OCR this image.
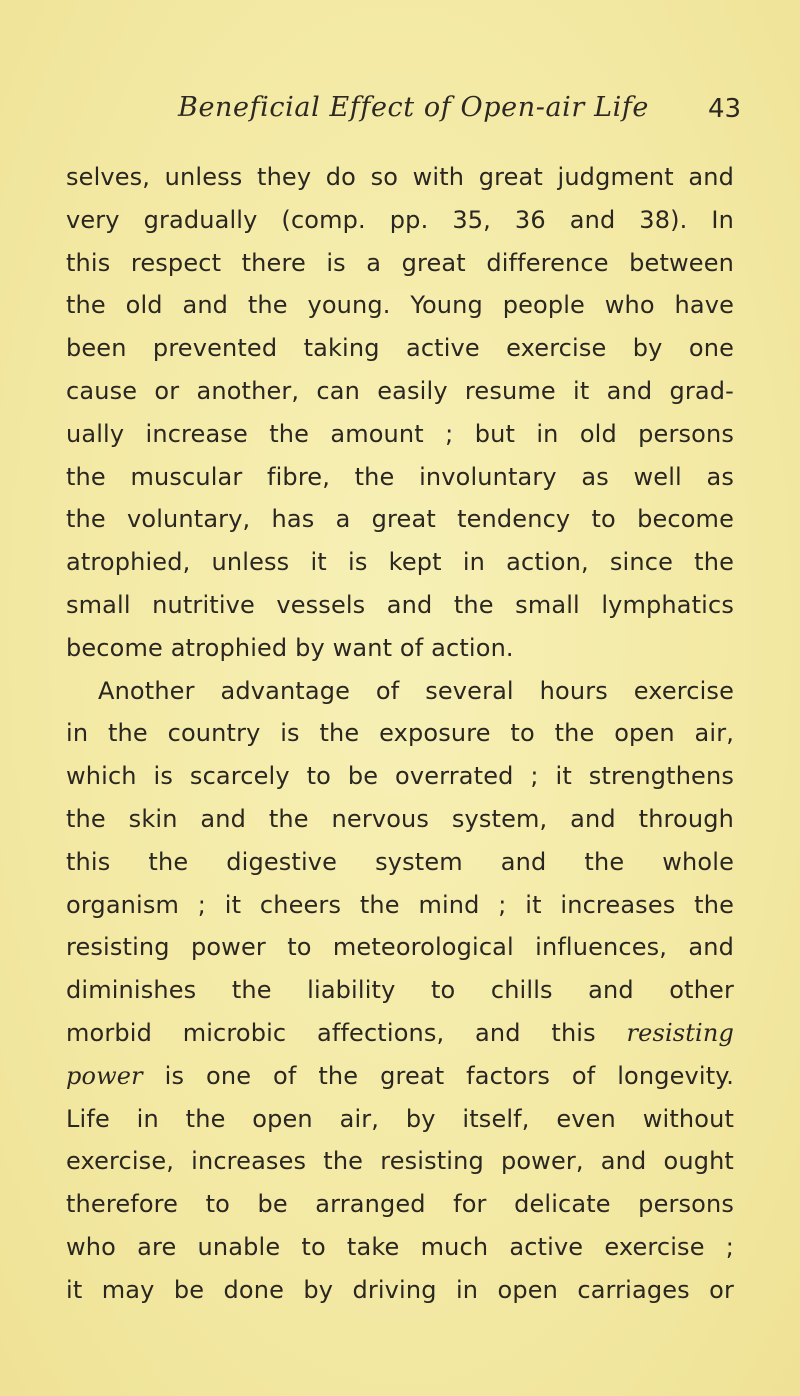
Beneficial Effect of Open-air Life 43
selves, unless they do so with great judgment and
very gradually (comp. pp. 35, 36 and 38). In
this respect there is a great difference between
the old and the young. Young people who have
been prevented taking active exercise by one
cause or another, can easily resume it and grad-
ually increase the amount ; but in old persons
the muscular fibre, the involuntary as well as
the voluntary, has a great tendency to become
atrophied, unless it is kept in action, since the
small nutritive vessels and the small lymphatics
become atrophied by want of action.
Another advantage of several hours exercise
in the country is the exposure to the open air,
which is scarcely to be overrated ; it strengthens
the skin and the nervous system, and through
this the digestive system and the whole
organism ; it cheers the mind ; it increases the
resisting power to meteorological influences, and
diminishes the liability to chills and other
morbid microbic affections, and this resisting
power is one of the great factors of longevity.
Life in the open air, by itself, even without
exercise, increases the resisting power, and ought
therefore to be arranged for delicate persons
who are unable to take much active exercise ;
it may be done by driving in open carriages or
